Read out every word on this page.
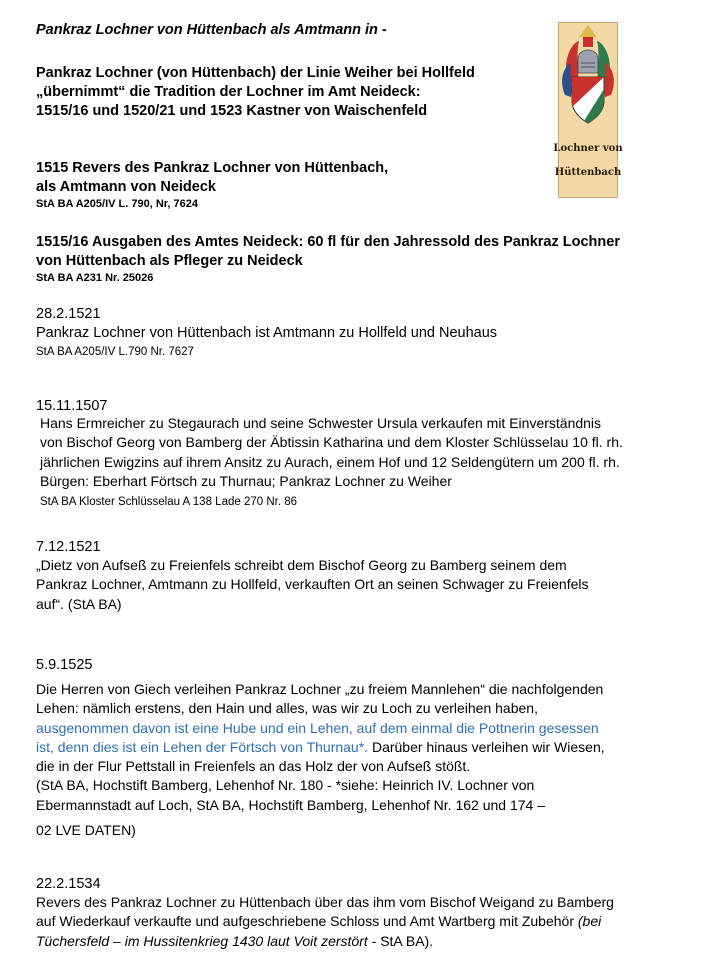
Pankraz Lochner von Hüttenbach als Amtmann in -
Pankraz Lochner (von Hüttenbach) der Linie Weiher bei Hollfeld
„übernimmt“ die Tradition der Lochner im Amt Neideck:
1515/16 und 1520/21 und 1523 Kastner von Waischenfeld
Lochner von
Hüttenbach
1515 Revers des Pankraz Lochner von Hüttenbach,
als Amtmann von Neideck
StA BA A205/IV L. 790, Nr, 7624
1515/16 Ausgaben des Amtes Neideck: 60 fl für den Jahressold des Pankraz Lochner
von Hüttenbach als Pfleger zu Neideck
StA BA A231 Nr. 25026
28.2.1521
Pankraz Lochner von Hüttenbach ist Amtmann zu Hollfeld und Neuhaus
StA BA A205/IV L.790 Nr. 7627
15.11.1507
Hans Ermreicher zu Stegaurach und seine Schwester Ursula verkaufen mit Einverständnis
von Bischof Georg von Bamberg der Äbtissin Katharina und dem Kloster Schlüsselau 10 fl. rh.
jährlichen Ewigzins auf ihrem Ansitz zu Aurach, einem Hof und 12 Seldengütern um 200 fl. rh.
Bürgen: Eberhart Förtsch zu Thurnau; Pankraz Lochner zu Weiher
StA BA Kloster Schlüsselau A 138 Lade 270 Nr. 86
7.12.1521
„Dietz von Aufseß zu Freienfels schreibt dem Bischof Georg zu Bamberg seinem dem
Pankraz Lochner, Amtmann zu Hollfeld, verkauften Ort an seinen Schwager zu Freienfels
auf“. (StA BA)
5.9.1525
Die Herren von Giech verleihen Pankraz Lochner „zu freiem Mannlehen“ die nachfolgenden
Lehen: nämlich erstens, den Hain und alles, was wir zu Loch zu verleihen haben,
ausgenommen davon ist eine Hube und ein Lehen, auf dem einmal die Pottnerin gesessen
ist, denn dies ist ein Lehen der Förtsch von Thurnau*. Darüber hinaus verleihen wir Wiesen,
die in der Flur Pettstall in Freienfels an das Holz der von Aufseß stößt.
(StA BA, Hochstift Bamberg, Lehenhof Nr. 180 - *siehe: Heinrich IV. Lochner von
Ebermannstadt auf Loch, StA BA, Hochstift Bamberg, Lehenhof Nr. 162 und 174 –
02 LVE DATEN)
22.2.1534
Revers des Pankraz Lochner zu Hüttenbach über das ihm vom Bischof Weigand zu Bamberg
auf Wiederkauf verkaufte und aufgeschriebene Schloss und Amt Wartberg mit Zubehör (bei
Tüchersfeld – im Hussitenkrieg 1430 laut Voit zerstört - StA BA).
